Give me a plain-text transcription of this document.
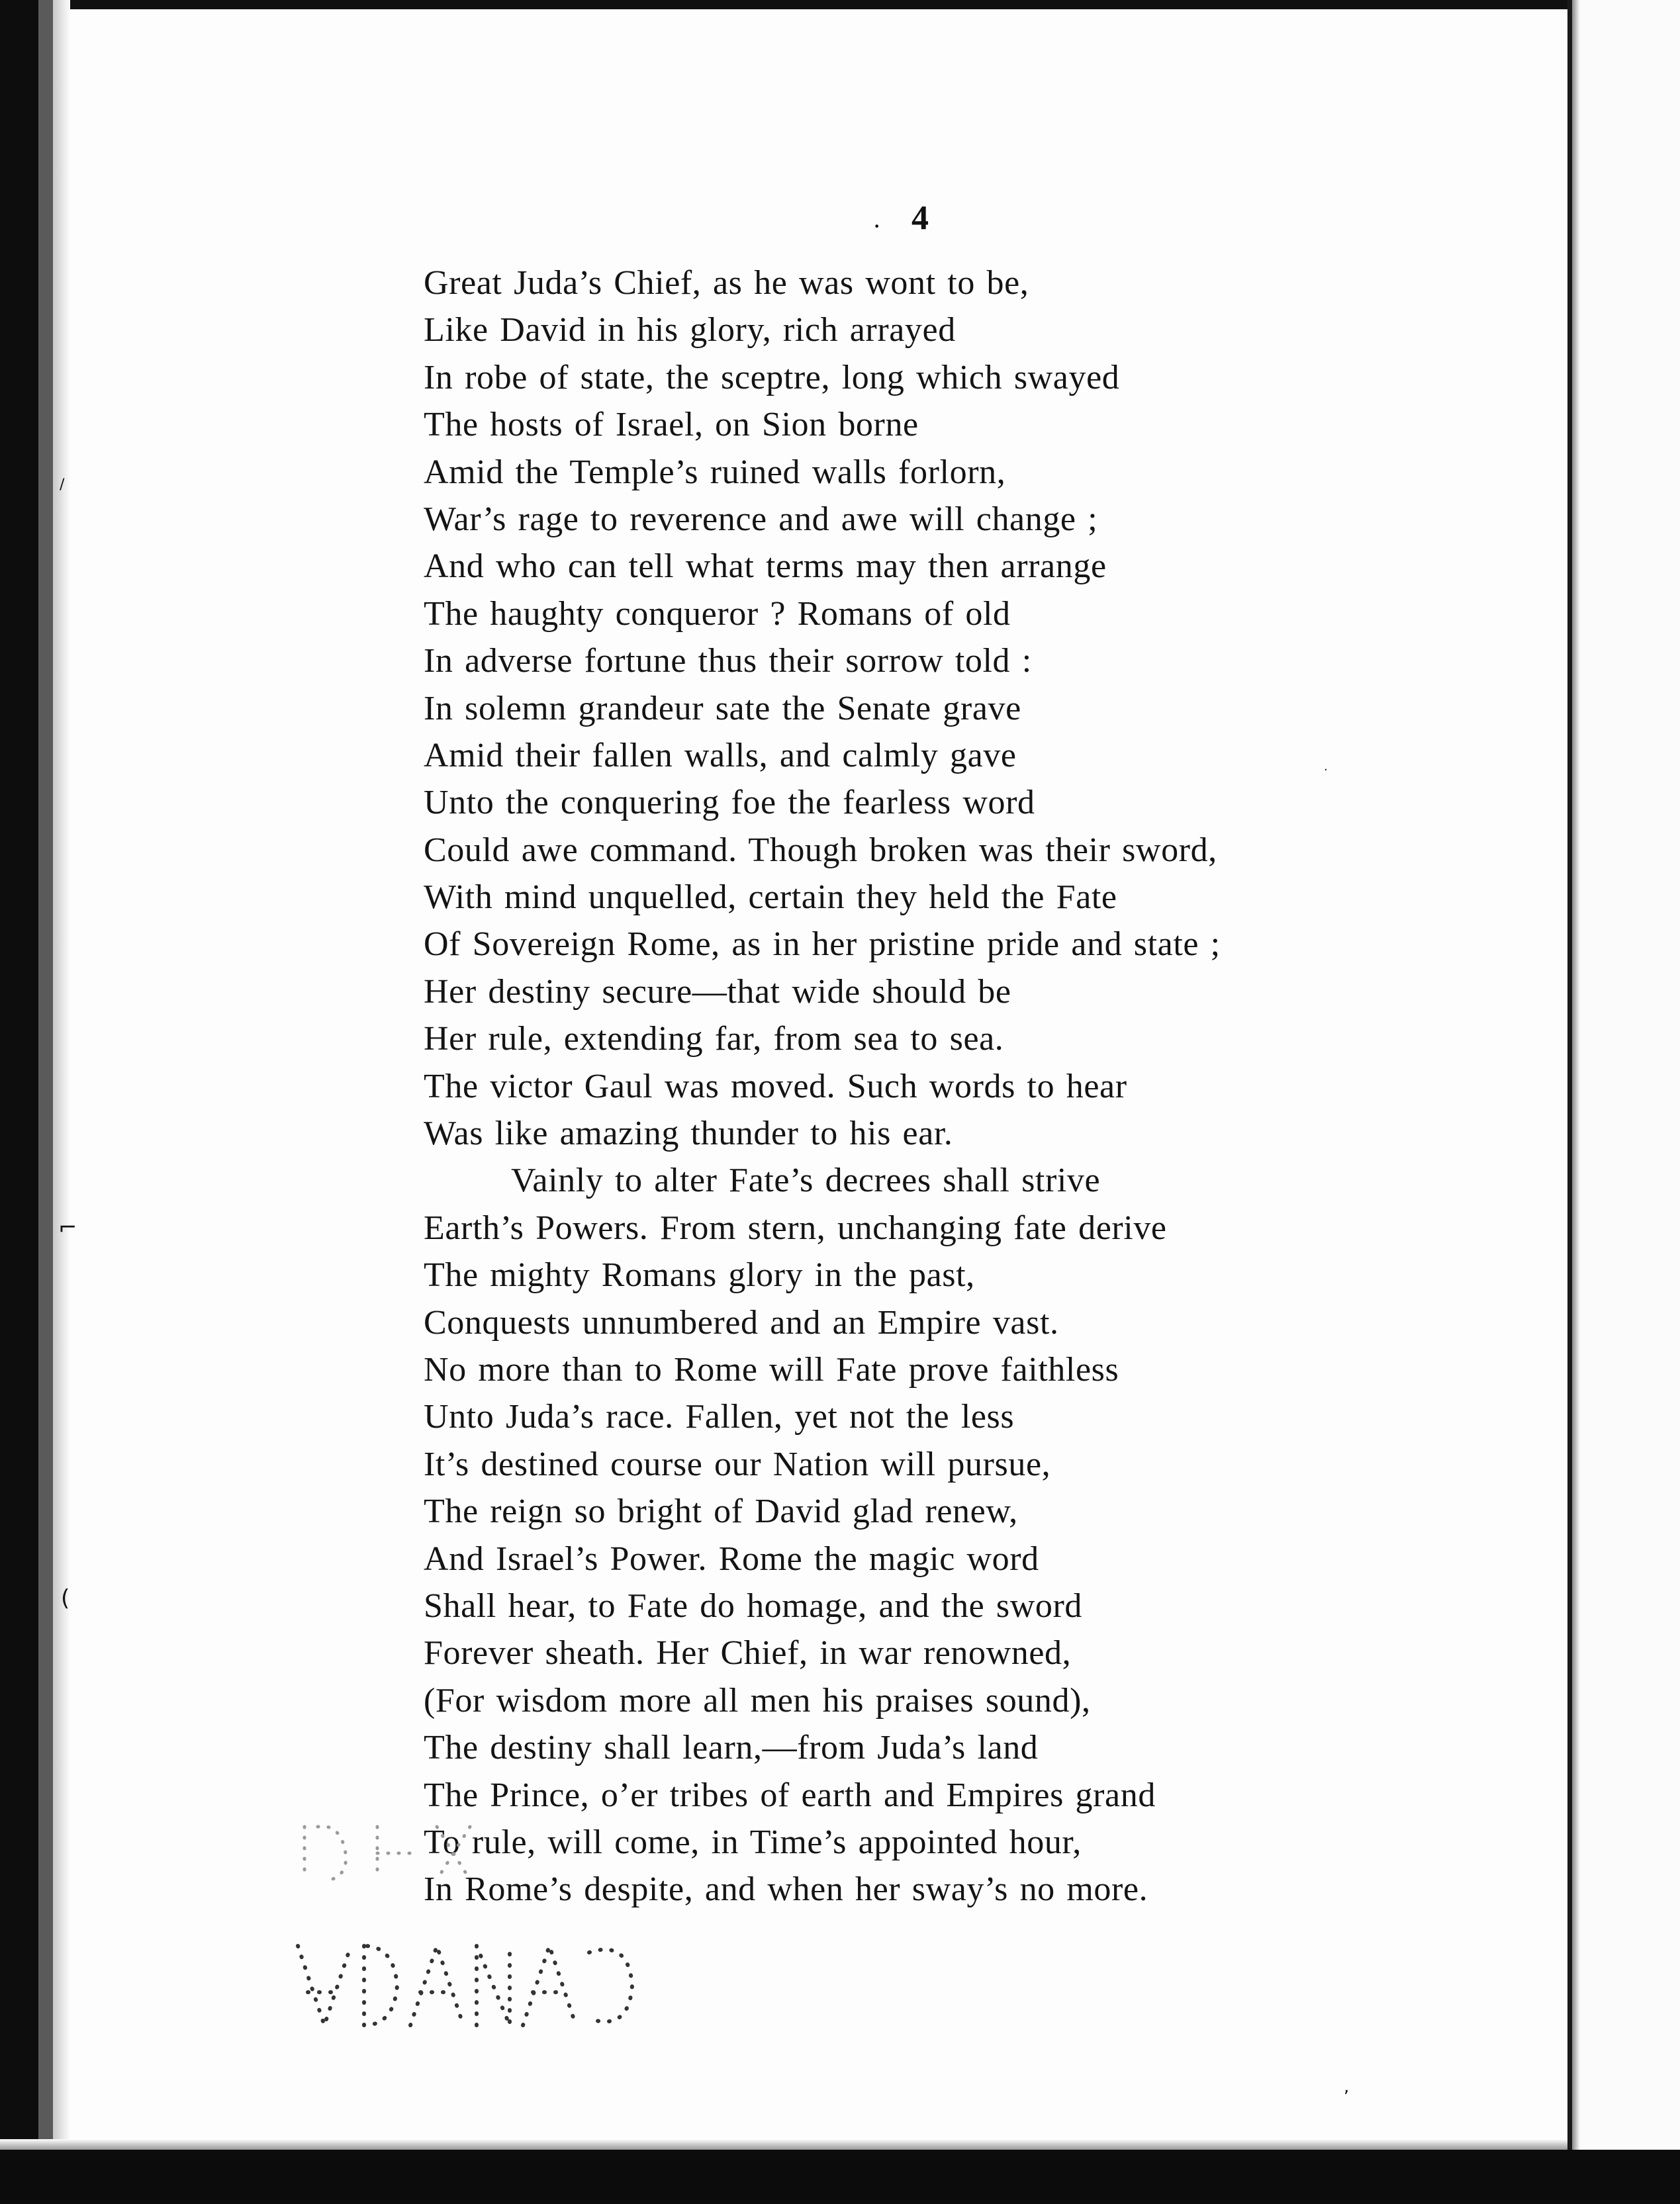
⌐
(
/
.
.
,
· 4
Great Juda’s Chief, as he was wont to be,
Like David in his glory, rich arrayed
In robe of state, the sceptre, long which swayed
The hosts of Israel, on Sion borne
Amid the Temple’s ruined walls forlorn,
War’s rage to reverence and awe will change ;
And who can tell what terms may then arrange
The haughty conqueror ? Romans of old
In adverse fortune thus their sorrow told :
In solemn grandeur sate the Senate grave
Amid their fallen walls, and calmly gave
Unto the conquering foe the fearless word
Could awe command. Though broken was their sword,
With mind unquelled, certain they held the Fate
Of Sovereign Rome, as in her pristine pride and state ;
Her destiny secure—that wide should be
Her rule, extending far, from sea to sea.
The victor Gaul was moved. Such words to hear
Was like amazing thunder to his ear.
Vainly to alter Fate’s decrees shall strive
Earth’s Powers. From stern, unchanging fate derive
The mighty Romans glory in the past,
Conquests unnumbered and an Empire vast.
No more than to Rome will Fate prove faithless
Unto Juda’s race. Fallen, yet not the less
It’s destined course our Nation will pursue,
The reign so bright of David glad renew,
And Israel’s Power. Rome the magic word
Shall hear, to Fate do homage, and the sword
Forever sheath. Her Chief, in war renowned,
(For wisdom more all men his praises sound),
The destiny shall learn,—from Juda’s land
The Prince, o’er tribes of earth and Empires grand
To rule, will come, in Time’s appointed hour,
In Rome’s despite, and when her sway’s no more.
CANADA
